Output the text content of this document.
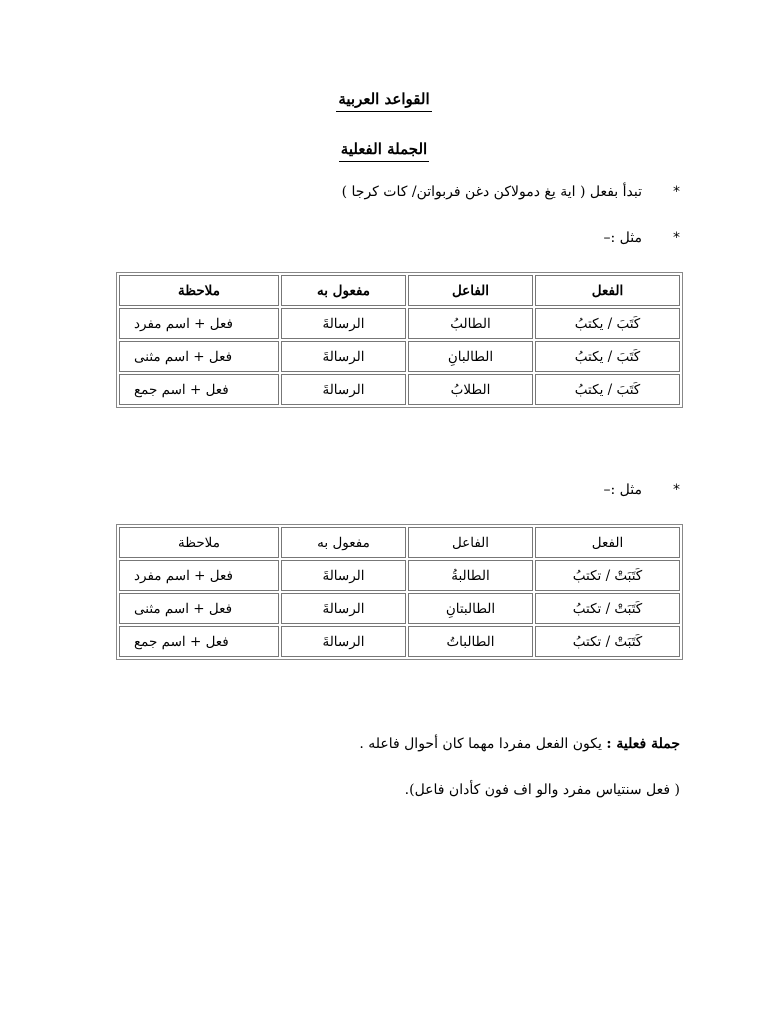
القواعد العربية
الجملة الفعلية
*تبدأ بفعل ( اية يغ دمولاكن دغن فربواتن/ كات كرجا )
*مثل :–
الفعل	الفاعل	مفعول به	ملاحظة
كَتَبَ / يكتبُ	الطالبُ	الرسالةَ	فعل + اسم مفرد
كَتَبَ / يكتبُ	الطالبانِ	الرسالةَ	فعل + اسم مثنى
كَتَبَ / يكتبُ	الطلابُ	الرسالةَ	فعل + اسم جمع
*مثل :–
الفعل	الفاعل	مفعول به	ملاحظة
كَتَبَتْ / تكتبُ	الطالبةُ	الرسالةَ	فعل + اسم مفرد
كَتَبَتْ / تكتبُ	الطالبتانِ	الرسالةَ	فعل + اسم مثنى
كَتَبَتْ / تكتبُ	الطالباتُ	الرسالةَ	فعل + اسم جمع
جملة فعلية : يكون الفعل مفردا مهما كان أحوال فاعله .
( فعل سنتياس مفرد والو اف فون كأدان فاعل).
